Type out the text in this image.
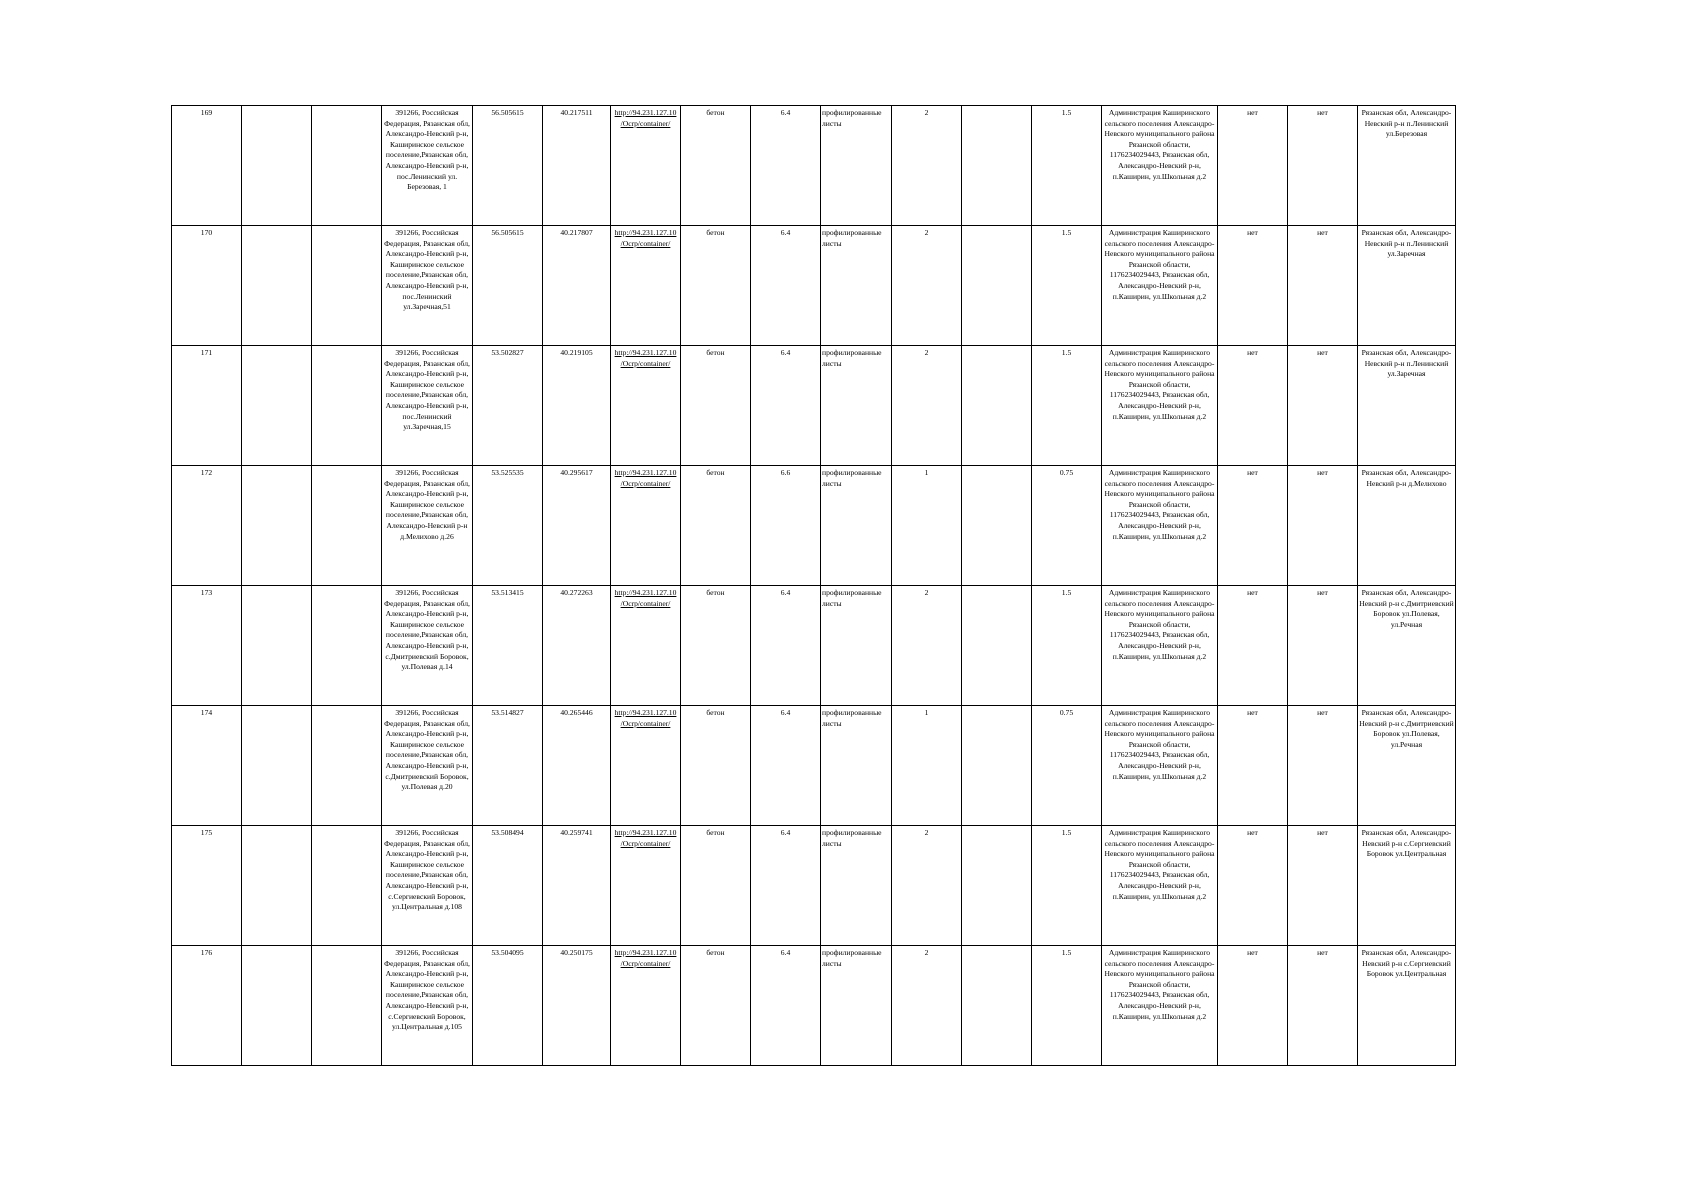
169			391266, Российская Федерация, Рязанская обл, Александро-Невский р-н, Каширинское сельское поселение,Рязанская обл, Александро-Невский р-н, пос.Ленинский ул. Березовая, 1	56.505615	40.217511	http://94.231.127.10 /Ocrp/container/	бетон	6.4	профилированные листы	2		1.5	Администрация Каширинского сельского поселения Александро-Невского муниципального района Рязанской области, 1176234029443, Рязанская обл, Александро-Невский р-н, п.Каширин, ул.Школьная д.2	нет	нет	Рязанская обл, Александро-Невский р-н п.Ленинский ул.Березовая
170			391266, Российская Федерация, Рязанская обл, Александро-Невский р-н, Каширинское сельское поселение,Рязанская обл, Александро-Невский р-н, пос.Ленинский ул.Заречная,51	56.505615	40.217807	http://94.231.127.10 /Ocrp/container/	бетон	6.4	профилированные листы	2		1.5	Администрация Каширинского сельского поселения Александро-Невского муниципального района Рязанской области, 1176234029443, Рязанская обл, Александро-Невский р-н, п.Каширин, ул.Школьная д.2	нет	нет	Рязанская обл, Александро-Невский р-н п.Ленинский ул.Заречная
171			391266, Российская Федерация, Рязанская обл, Александро-Невский р-н, Каширинское сельское поселение,Рязанская обл, Александро-Невский р-н, пос.Ленинский ул.Заречная,15	53.502827	40.219105	http://94.231.127.10 /Ocrp/container/	бетон	6.4	профилированные листы	2		1.5	Администрация Каширинского сельского поселения Александро-Невского муниципального района Рязанской области, 1176234029443, Рязанская обл, Александро-Невский р-н, п.Каширин, ул.Школьная д.2	нет	нет	Рязанская обл, Александро-Невский р-н п.Ленинский ул.Заречная
172			391266, Российская Федерация, Рязанская обл, Александро-Невский р-н, Каширинское сельское поселение,Рязанская обл, Александро-Невский р-н д.Мелихово д.26	53.525535	40.295617	http://94.231.127.10 /Ocrp/container/	бетон	6.6	профилированные листы	1		0.75	Администрация Каширинского сельского поселения Александро-Невского муниципального района Рязанской области, 1176234029443, Рязанская обл, Александро-Невский р-н, п.Каширин, ул.Школьная д.2	нет	нет	Рязанская обл, Александро-Невский р-н д.Мелихово
173			391266, Российская Федерация, Рязанская обл, Александро-Невский р-н, Каширинское сельское поселение,Рязанская обл, Александро-Невский р-н, с.Дмитриевский Боровок, ул.Полевая д.14	53.513415	40.272263	http://94.231.127.10 /Ocrp/container/	бетон	6.4	профилированные листы	2		1.5	Администрация Каширинского сельского поселения Александро-Невского муниципального района Рязанской области, 1176234029443, Рязанская обл, Александро-Невский р-н, п.Каширин, ул.Школьная д.2	нет	нет	Рязанская обл, Александро-Невский р-н с.Дмитриевский Боровок ул.Полевая, ул.Речная
174			391266, Российская Федерация, Рязанская обл, Александро-Невский р-н, Каширинское сельское поселение,Рязанская обл, Александро-Невский р-н, с.Дмитриевский Боровок, ул.Полевая д.20	53.514827	40.265446	http://94.231.127.10 /Ocrp/container/	бетон	6.4	профилированные листы	1		0.75	Администрация Каширинского сельского поселения Александро-Невского муниципального района Рязанской области, 1176234029443, Рязанская обл, Александро-Невский р-н, п.Каширин, ул.Школьная д.2	нет	нет	Рязанская обл, Александро-Невский р-н с.Дмитриевский Боровок ул.Полевая, ул.Речная
175			391266, Российская Федерация, Рязанская обл, Александро-Невский р-н, Каширинское сельское поселение,Рязанская обл, Александро-Невский р-н, с.Сергиевский Боровок, ул.Центральная д.108	53.508494	40.259741	http://94.231.127.10 /Ocrp/container/	бетон	6.4	профилированные листы	2		1.5	Администрация Каширинского сельского поселения Александро-Невского муниципального района Рязанской области, 1176234029443, Рязанская обл, Александро-Невский р-н, п.Каширин, ул.Школьная д.2	нет	нет	Рязанская обл, Александро-Невский р-н с.Сергиевский Боровок ул.Центральная
176			391266, Российская Федерация, Рязанская обл, Александро-Невский р-н, Каширинское сельское поселение,Рязанская обл, Александро-Невский р-н, с.Сергиевский Боровок, ул.Центральная д.105	53.504095	40.250175	http://94.231.127.10 /Ocrp/container/	бетон	6.4	профилированные листы	2		1.5	Администрация Каширинского сельского поселения Александро-Невского муниципального района Рязанской области, 1176234029443, Рязанская обл, Александро-Невский р-н, п.Каширин, ул.Школьная д.2	нет	нет	Рязанская обл, Александро-Невский р-н с.Сергиевский Боровок ул.Центральная
